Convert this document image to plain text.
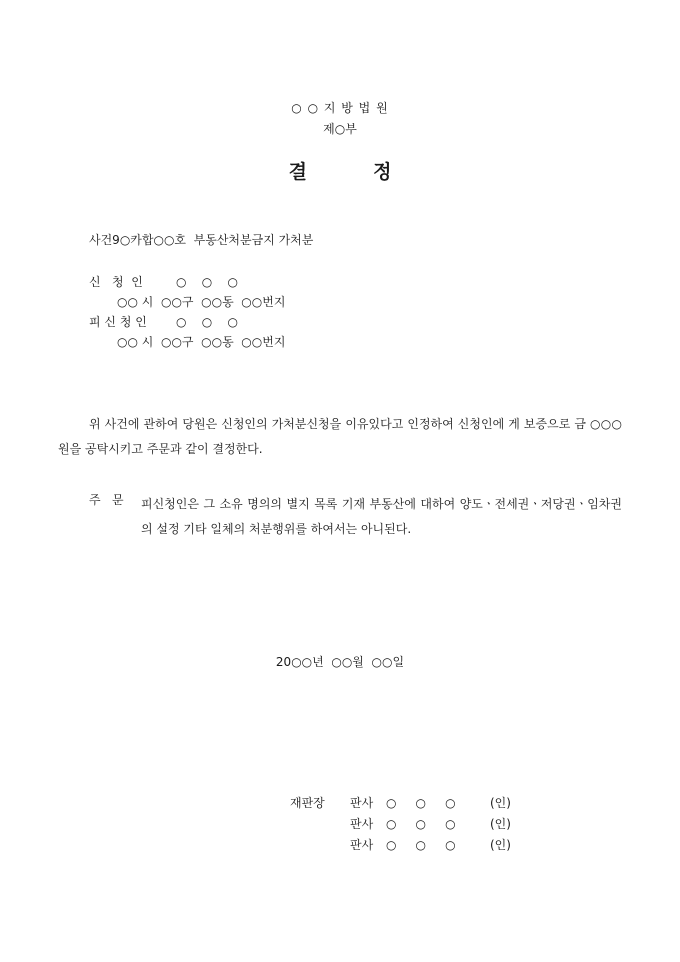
○ ○ 지 방 법 원
제○부
결          정
사건9○카합○○호  부동산처분금지 가처분
신   청  인	○    ○    ○
○○ 시  ○○구  ○○동  ○○번지
피 신 청 인 ○    ○    ○
○○ 시  ○○구  ○○동  ○○번지
위 사건에 관하여 당원은 신청인의 가처분신청을 이유있다고 인정하여 신청인에 게 보증으로 금 ○○○원을 공탁시키고 주문과 같이 결정한다.
주   문 피신청인은 그 소유 명의의 별지 목록 기재 부동산에 대하여 양도ㆍ전세권ㆍ저당권ㆍ임차권의 설정 기타 일체의 처분행위를 하여서는 아니된다.
20○○년  ○○월  ○○일
재판장	판사	○     ○     ○	(인)
	판사	○     ○     ○	(인)
	판사	○     ○     ○	(인)
